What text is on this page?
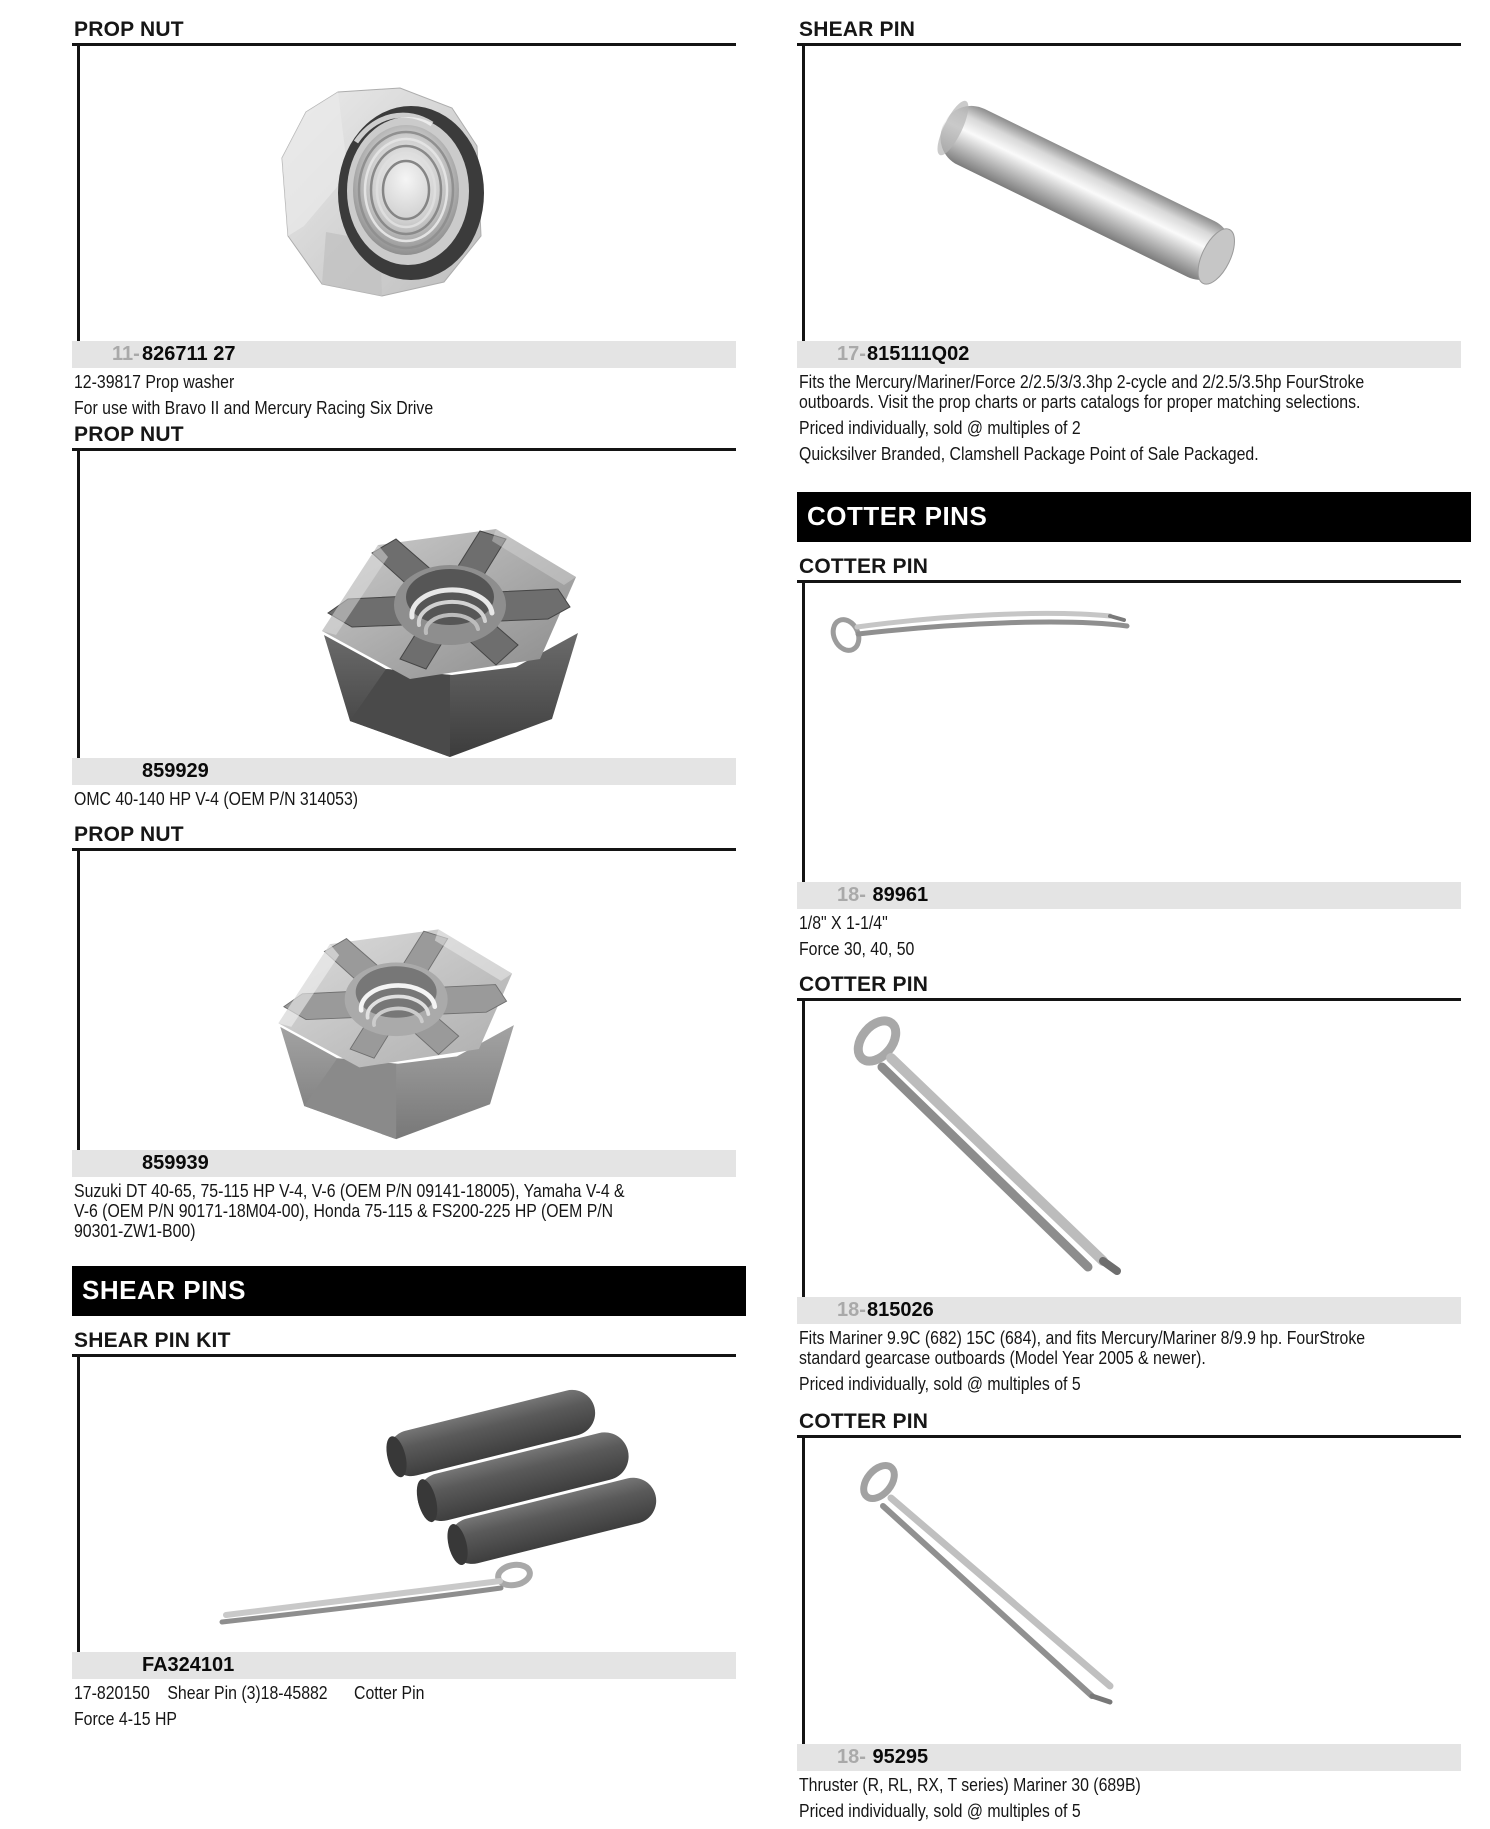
PROP NUT
11- 826711 27
12-39817 Prop washer
For use with Bravo II and Mercury Racing Six Drive
PROP NUT
859929
OMC 40-140 HP V-4 (OEM P/N 314053)
PROP NUT
859939
Suzuki DT 40-65, 75-115 HP V-4, V-6 (OEM P/N 09141-18005), Yamaha V-4 &
V-6 (OEM P/N 90171-18M04-00), Honda 75-115 & FS200-225 HP (OEM P/N
90301-ZW1-B00)
SHEAR PINS
SHEAR PIN KIT
FA324101
17-820150    Shear Pin (3)18-45882      Cotter Pin
Force 4-15 HP
SHEAR PIN
17-815111Q02
Fits the Mercury/Mariner/Force 2/2.5/3/3.3hp 2-cycle and 2/2.5/3.5hp FourStroke
outboards. Visit the prop charts or parts catalogs for proper matching selections.
Priced individually, sold @ multiples of 2
Quicksilver Branded, Clamshell Package Point of Sale Packaged.
COTTER PINS
COTTER PIN
18- 89961
1/8" X 1-1/4"
Force 30, 40, 50
COTTER PIN
18-815026
Fits Mariner 9.9C (682) 15C (684), and fits Mercury/Mariner 8/9.9 hp. FourStroke
standard gearcase outboards (Model Year 2005 & newer).
Priced individually, sold @ multiples of 5
COTTER PIN
18- 95295
Thruster (R, RL, RX, T series) Mariner 30 (689B)
Priced individually, sold @ multiples of 5
